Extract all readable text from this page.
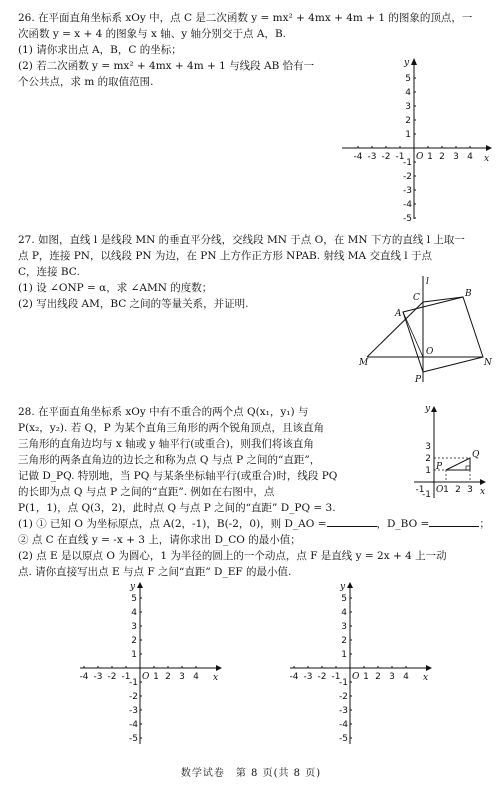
26. 在平面直角坐标系 xOy 中，点 C 是二次函数 y = mx² + 4mx + 4m + 1 的图象的顶点，一
次函数 y = x + 4 的图象与 x 轴、y 轴分别交于点 A，B.
(1) 请你求出点 A，B，C 的坐标；
(2) 若二次函数 y = mx² + 4mx + 4m + 1 与线段 AB 恰有一
个公共点，求 m 的取值范围.
x
y
O
-4 -3 -2 -1	1 2 3 4
5
4
3
2
1
-1
-2
-3
-4
-5
27. 如图，直线 l 是线段 MN 的垂直平分线，交线段 MN 于点 O，在 MN 下方的直线 l 上取一
点 P，连接 PN，以线段 PN 为边，在 PN 上方作正方形 NPAB. 射线 MA 交直线 l 于点
C，连接 BC.
(1) 设 ∠ONP = α，求 ∠AMN 的度数；
(2) 写出线段 AM，BC 之间的等量关系，并证明.
l
C	B
A
M
O
N
P
28. 在平面直角坐标系 xOy 中有不重合的两个点 Q(x₁，y₁) 与
P(x₂，y₂). 若 Q，P 为某个直角三角形的两个锐角顶点，且该直角
三角形的直角边均与 x 轴或 y 轴平行(或重合)，则我们将该直角
三角形的两条直角边的边长之和称为点 Q 与点 P 之间的“直距”，
记做 D_PQ. 特别地，当 PQ 与某条坐标轴平行(或重合)时，线段 PQ
的长即为点 Q 与点 P 之间的“直距”. 例如在右图中，点
P(1，1)，点 Q(3，2)，此时点 Q 与点 P 之间的“直距” D_PQ = 3.
(1) ① 已知 O 为坐标原点，点 A(2，-1)，B(-2，0)，则 D_AO =	，D_BO =	；
② 点 C 在直线 y = -x + 3 上，请你求出 D_CO 的最小值；
(2) 点 E 是以原点 O 为圆心，1 为半径的圆上的一个动点，点 F 是直线 y = 2x + 4 上一动
点. 请你直接写出点 E 与点 F 之间“直距” D_EF 的最小值.
y
x
O
P
Q
-1 1 2 3
3
2
1
-1
x
y
O
-4 -3 -2 -1	1 2 3 4
5
4
3
2
1
-1
-2
-3
-4
-5
x
y
O
-4 -3 -2 -1	1 2 3 4
5
4
3
2
1
-1
-2
-3
-4
-5
数学试卷　第 8 页(共 8 页)
